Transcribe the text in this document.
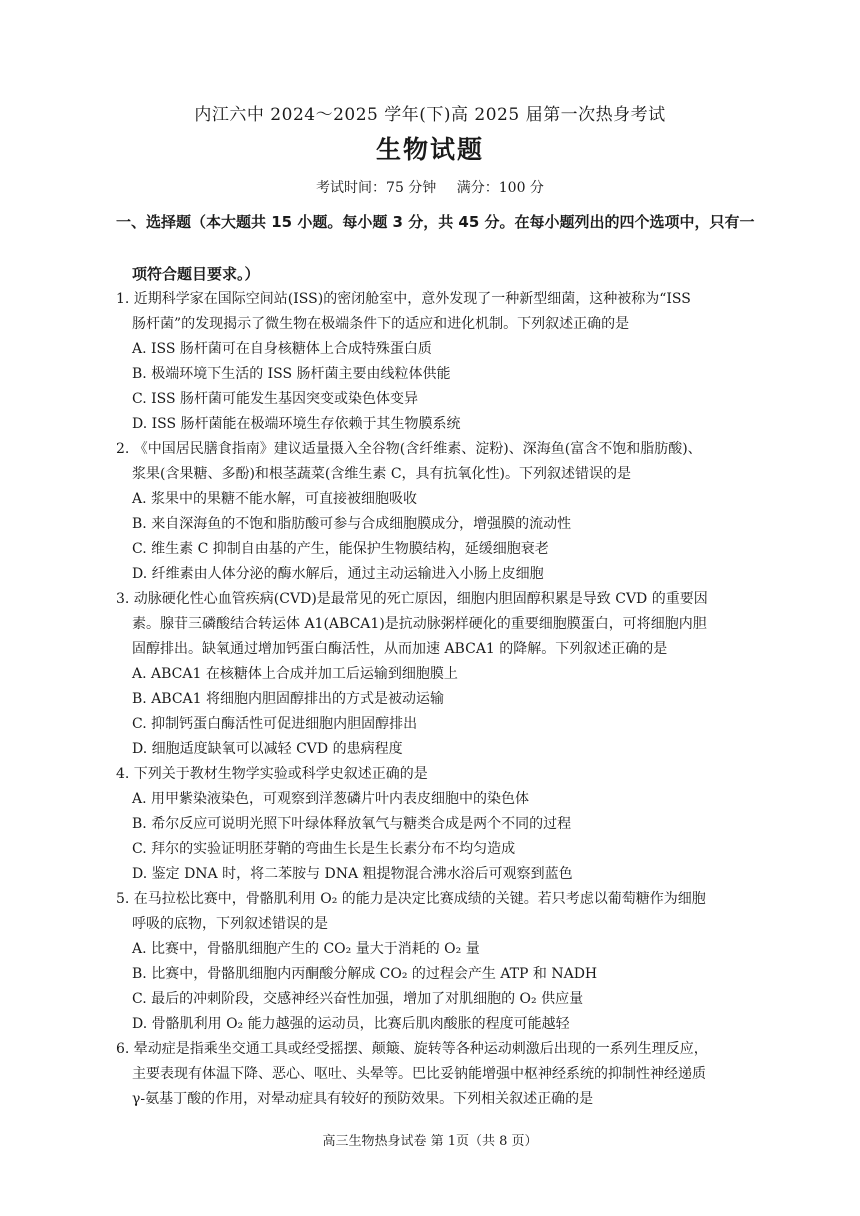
内江六中 2024～2025 学年(下)高 2025 届第一次热身考试
生物试题
考试时间：75 分钟 满分：100 分
一、选择题（本大题共 15 小题。每小题 3 分，共 45 分。在每小题列出的四个选项中，只有一
项符合题目要求。）
1. 近期科学家在国际空间站(ISS)的密闭舱室中，意外发现了一种新型细菌，这种被称为“ISS
肠杆菌”的发现揭示了微生物在极端条件下的适应和进化机制。下列叙述正确的是
A. ISS 肠杆菌可在自身核糖体上合成特殊蛋白质
B. 极端环境下生活的 ISS 肠杆菌主要由线粒体供能
C. ISS 肠杆菌可能发生基因突变或染色体变异
D. ISS 肠杆菌能在极端环境生存依赖于其生物膜系统
2. 《中国居民膳食指南》建议适量摄入全谷物(含纤维素、淀粉)、深海鱼(富含不饱和脂肪酸)、
浆果(含果糖、多酚)和根茎蔬菜(含维生素 C，具有抗氧化性)。下列叙述错误的是
A. 浆果中的果糖不能水解，可直接被细胞吸收
B. 来自深海鱼的不饱和脂肪酸可参与合成细胞膜成分，增强膜的流动性
C. 维生素 C 抑制自由基的产生，能保护生物膜结构，延缓细胞衰老
D. 纤维素由人体分泌的酶水解后，通过主动运输进入小肠上皮细胞
3. 动脉硬化性心血管疾病(CVD)是最常见的死亡原因，细胞内胆固醇积累是导致 CVD 的重要因
素。腺苷三磷酸结合转运体 A1(ABCA1)是抗动脉粥样硬化的重要细胞膜蛋白，可将细胞内胆
固醇排出。缺氧通过增加钙蛋白酶活性，从而加速 ABCA1 的降解。下列叙述正确的是
A. ABCA1 在核糖体上合成并加工后运输到细胞膜上
B. ABCA1 将细胞内胆固醇排出的方式是被动运输
C. 抑制钙蛋白酶活性可促进细胞内胆固醇排出
D. 细胞适度缺氧可以减轻 CVD 的患病程度
4. 下列关于教材生物学实验或科学史叙述正确的是
A. 用甲紫染液染色，可观察到洋葱磷片叶内表皮细胞中的染色体
B. 希尔反应可说明光照下叶绿体释放氧气与糖类合成是两个不同的过程
C. 拜尔的实验证明胚芽鞘的弯曲生长是生长素分布不均匀造成
D. 鉴定 DNA 时，将二苯胺与 DNA 粗提物混合沸水浴后可观察到蓝色
5. 在马拉松比赛中，骨骼肌利用 O₂ 的能力是决定比赛成绩的关键。若只考虑以葡萄糖作为细胞
呼吸的底物，下列叙述错误的是
A. 比赛中，骨骼肌细胞产生的 CO₂ 量大于消耗的 O₂ 量
B. 比赛中，骨骼肌细胞内丙酮酸分解成 CO₂ 的过程会产生 ATP 和 NADH
C. 最后的冲刺阶段，交感神经兴奋性加强，增加了对肌细胞的 O₂ 供应量
D. 骨骼肌利用 O₂ 能力越强的运动员，比赛后肌肉酸胀的程度可能越轻
6. 晕动症是指乘坐交通工具或经受摇摆、颠簸、旋转等各种运动刺激后出现的一系列生理反应，
主要表现有体温下降、恶心、呕吐、头晕等。巴比妥钠能增强中枢神经系统的抑制性神经递质
γ-氨基丁酸的作用，对晕动症具有较好的预防效果。下列相关叙述正确的是
高三生物热身试卷 第 1页（共 8 页）
